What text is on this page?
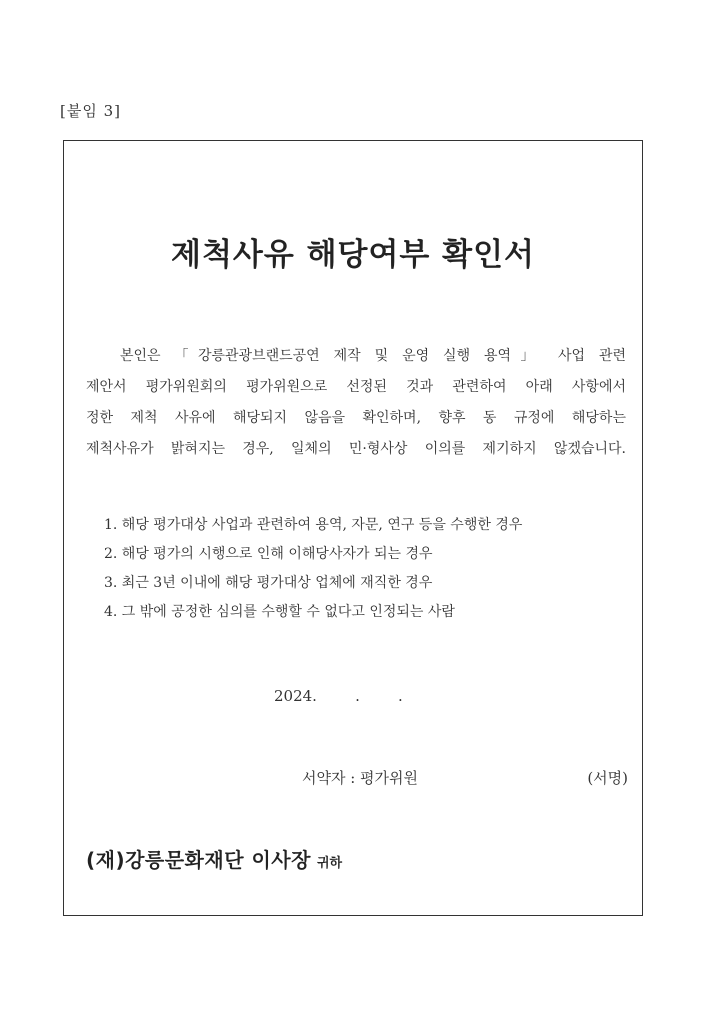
[붙임 3]
제척사유 해당여부 확인서
본인은 「강릉관광브랜드공연 제작 및 운영 실행 용역」 사업 관련
제안서 평가위원회의 평가위원으로 선정된 것과 관련하여 아래 사항에서
정한 제척 사유에 해당되지 않음을 확인하며, 향후 동 규정에 해당하는
제척사유가 밝혀지는 경우, 일체의 민·형사상 이의를 제기하지 않겠습니다.
1. 해당 평가대상 사업과 관련하여 용역, 자문, 연구 등을 수행한 경우
2. 해당 평가의 시행으로 인해 이해당사자가 되는 경우
3. 최근 3년 이내에 해당 평가대상 업체에 재직한 경우
4. 그 밖에 공정한 심의를 수행할 수 없다고 인정되는 사람
2024.        .        .
서약자 : 평가위원	(서명)
(재)강릉문화재단 이사장 귀하
